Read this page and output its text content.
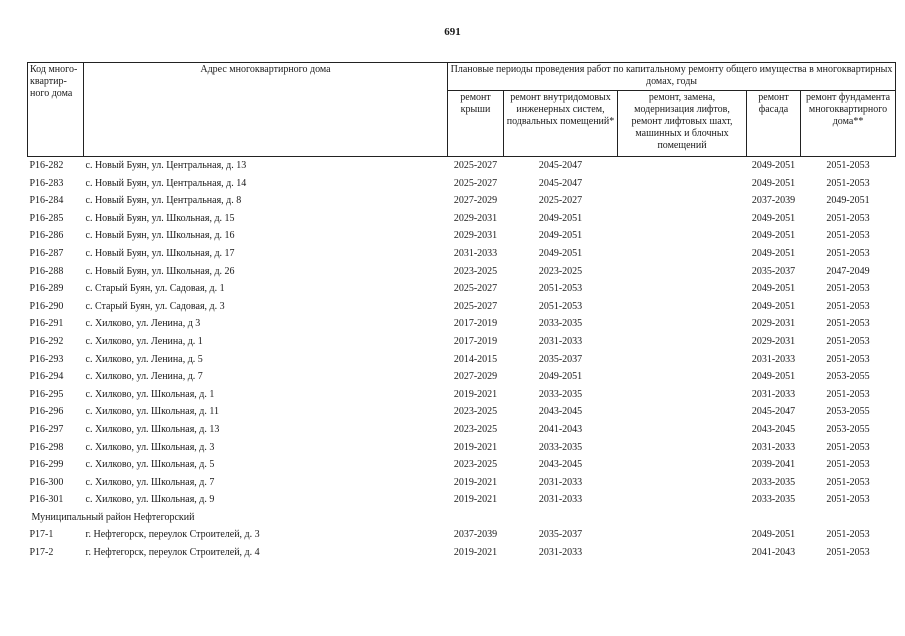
691
Код много-квартир-ного дома	Адрес многоквартирного дома	Плановые периоды проведения работ по капитальному ремонту общего имущества в многоквартирных домах, годы				
		ремонт крыши	ремонт внутридомовых инженерных систем, подвальных помещений*	ремонт, замена, модернизация лифтов, ремонт лифтовых шахт, машинных и блочных помещений	ремонт фасада	ремонт фундамента многоквартирного дома**
P16-282	с. Новый Буян, ул. Центральная, д. 13	2025-2027	2045-2047		2049-2051	2051-2053
P16-283	с. Новый Буян, ул. Центральная, д. 14	2025-2027	2045-2047		2049-2051	2051-2053
P16-284	с. Новый Буян, ул. Центральная, д. 8	2027-2029	2025-2027		2037-2039	2049-2051
P16-285	с. Новый Буян, ул. Школьная, д. 15	2029-2031	2049-2051		2049-2051	2051-2053
P16-286	с. Новый Буян, ул. Школьная, д. 16	2029-2031	2049-2051		2049-2051	2051-2053
P16-287	с. Новый Буян, ул. Школьная, д. 17	2031-2033	2049-2051		2049-2051	2051-2053
P16-288	с. Новый Буян, ул. Школьная, д. 26	2023-2025	2023-2025		2035-2037	2047-2049
P16-289	с. Старый Буян, ул. Садовая, д. 1	2025-2027	2051-2053		2049-2051	2051-2053
P16-290	с. Старый Буян, ул. Садовая, д. 3	2025-2027	2051-2053		2049-2051	2051-2053
P16-291	с. Хилково, ул. Ленина, д 3	2017-2019	2033-2035		2029-2031	2051-2053
P16-292	с. Хилково, ул. Ленина, д. 1	2017-2019	2031-2033		2029-2031	2051-2053
P16-293	с. Хилково, ул. Ленина, д. 5	2014-2015	2035-2037		2031-2033	2051-2053
P16-294	с. Хилково, ул. Ленина, д. 7	2027-2029	2049-2051		2049-2051	2053-2055
P16-295	с. Хилково, ул. Школьная, д. 1	2019-2021	2033-2035		2031-2033	2051-2053
P16-296	с. Хилково, ул. Школьная, д. 11	2023-2025	2043-2045		2045-2047	2053-2055
P16-297	с. Хилково, ул. Школьная, д. 13	2023-2025	2041-2043		2043-2045	2053-2055
P16-298	с. Хилково, ул. Школьная, д. 3	2019-2021	2033-2035		2031-2033	2051-2053
P16-299	с. Хилково, ул. Школьная, д. 5	2023-2025	2043-2045		2039-2041	2051-2053
P16-300	с. Хилково, ул. Школьная, д. 7	2019-2021	2031-2033		2033-2035	2051-2053
P16-301	с. Хилково, ул. Школьная, д. 9	2019-2021	2031-2033		2033-2035	2051-2053
Муниципальный район Нефтегорский						
P17-1	г. Нефтегорск, переулок Строителей, д. 3	2037-2039	2035-2037		2049-2051	2051-2053
P17-2	г. Нефтегорск, переулок Строителей, д. 4	2019-2021	2031-2033		2041-2043	2051-2053
